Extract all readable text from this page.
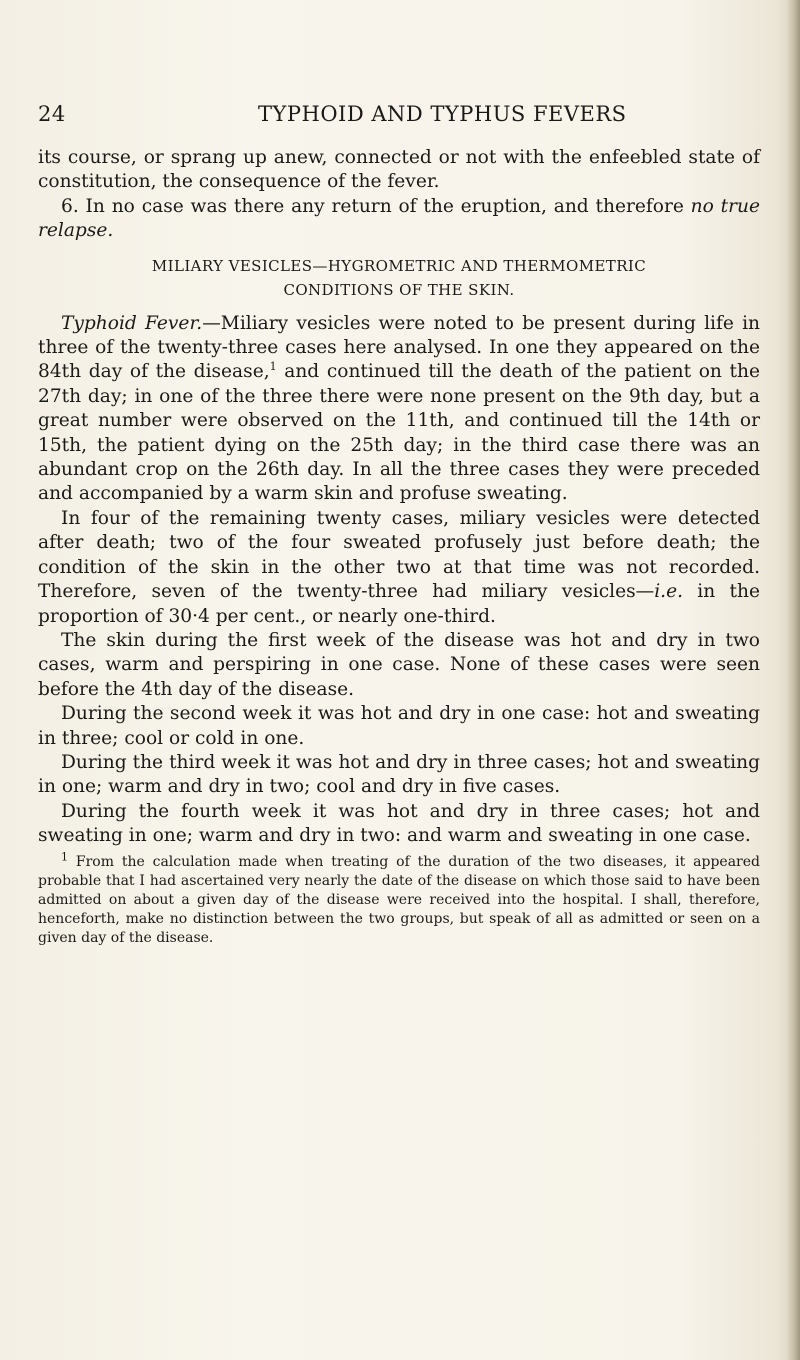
24	TYPHOID AND TYPHUS FEVERS

its course, or sprang up anew, connected or not with the enfeebled state of constitution, the consequence of the fever.

6. In no case was there any return of the eruption, and therefore no true relapse.

MILIARY VESICLES—HYGROMETRIC AND THERMOMETRIC
CONDITIONS OF THE SKIN.

Typhoid Fever.—Miliary vesicles were noted to be present during life in three of the twenty-three cases here analysed. In one they appeared on the 84th day of the disease,$^1$ and continued till the death of the patient on the 27th day; in one of the three there were none present on the 9th day, but a great number were observed on the 11th, and continued till the 14th or 15th, the patient dying on the 25th day; in the third case there was an abundant crop on the 26th day. In all the three cases they were preceded and accompanied by a warm skin and profuse sweating.

In four of the remaining twenty cases, miliary vesicles were detected after death; two of the four sweated profusely just before death; the condition of the skin in the other two at that time was not recorded. Therefore, seven of the twenty-three had miliary vesicles—i.e. in the proportion of 30·4 per cent., or nearly one-third.

The skin during the first week of the disease was hot and dry in two cases, warm and perspiring in one case. None of these cases were seen before the 4th day of the disease.

During the second week it was hot and dry in one case: hot and sweating in three; cool or cold in one.

During the third week it was hot and dry in three cases; hot and sweating in one; warm and dry in two; cool and dry in five cases.

During the fourth week it was hot and dry in three cases; hot and sweating in one; warm and dry in two: and warm and sweating in one case.

$^1$ From the calculation made when treating of the duration of the two diseases, it appeared probable that I had ascertained very nearly the date of the disease on which those said to have been admitted on about a given day of the disease were received into the hospital. I shall, therefore, henceforth, make no distinction between the two groups, but speak of all as admitted or seen on a given day of the disease.
